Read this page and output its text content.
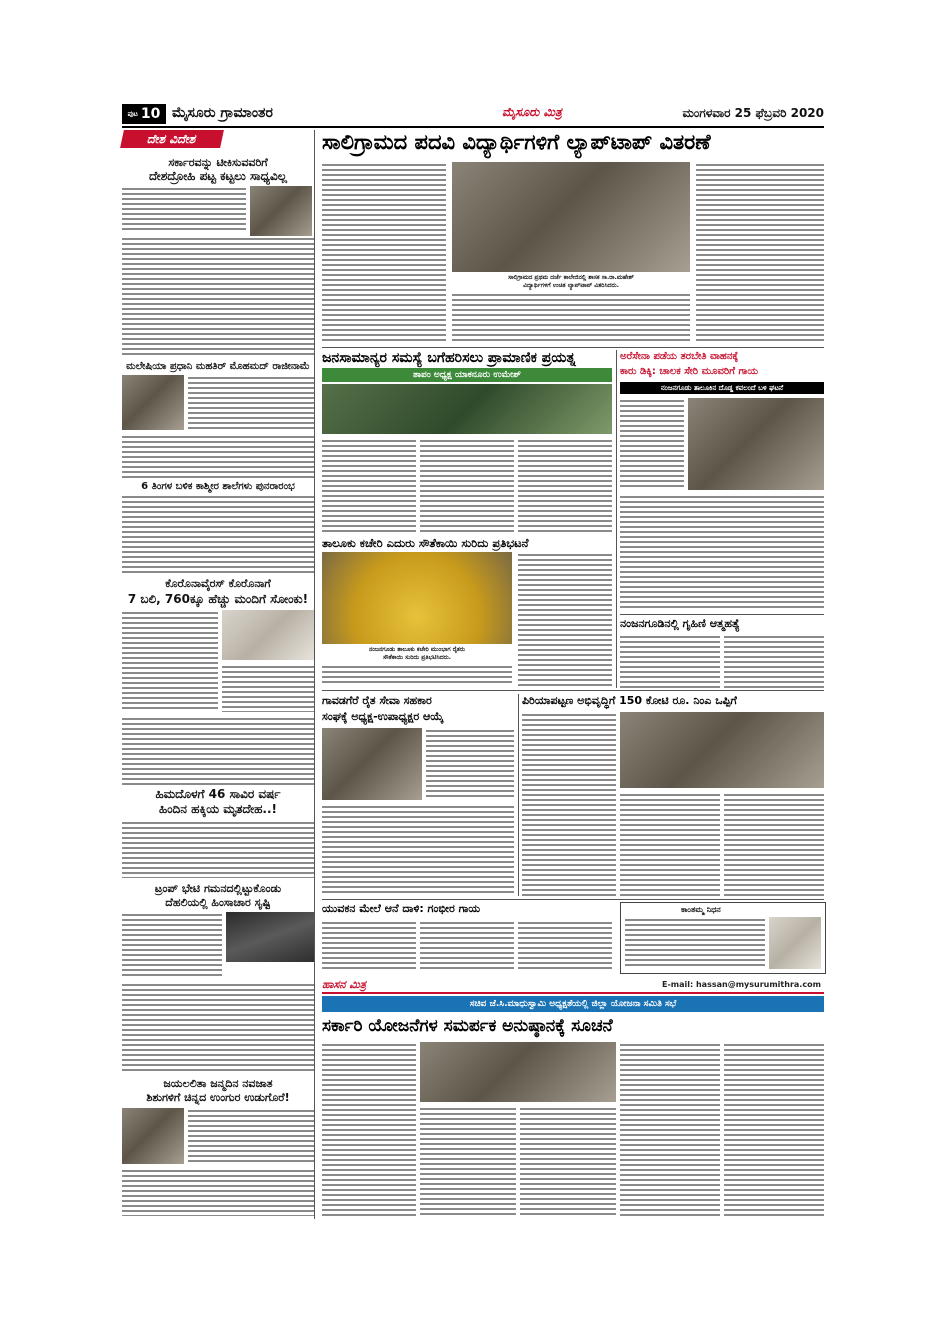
ಪುಟ 10 ಮೈಸೂರು ಗ್ರಾಮಾಂತರ	ಮೈಸೂರು ಮಿತ್ರ	ಮಂಗಳವಾರ 25 ಫೆಬ್ರವರಿ 2020
ದೇಶ ವಿದೇಶ
ಸರ್ಕಾರವನ್ನು ಟೀಕಿಸುವವರಿಗೆ
ದೇಶದ್ರೋಹಿ ಪಟ್ಟ ಕಟ್ಟಲು ಸಾಧ್ಯವಿಲ್ಲ
ಮಲೇಷಿಯಾ ಪ್ರಧಾನಿ ಮಹತಿರ್ ಮೊಹಮದ್ ರಾಜೀನಾಮೆ
6 ತಿಂಗಳ ಬಳಿಕ ಕಾಶ್ಮೀರ ಶಾಲೆಗಳು ಪುನರಾರಂಭ
ಕೊರೊನಾವೈರಸ್ ಕೊರೊನಾಗೆ
7 ಬಲಿ, 760ಕ್ಕೂ ಹೆಚ್ಚು ಮಂದಿಗೆ ಸೋಂಕು!
ಹಿಮದೊಳಗೆ 46 ಸಾವಿರ ವರ್ಷ
ಹಿಂದಿನ ಹಕ್ಕಿಯ ಮೃತದೇಹ..!
ಟ್ರಂಪ್ ಭೇಟಿ ಗಮನದಲ್ಲಿಟ್ಟುಕೊಂಡು
ದೆಹಲಿಯಲ್ಲಿ ಹಿಂಸಾಚಾರ ಸೃಷ್ಟಿ
ಜಯಲಲಿತಾ ಜನ್ಮದಿನ ನವಜಾತ
ಶಿಶುಗಳಿಗೆ ಚಿನ್ನದ ಉಂಗುರ ಉಡುಗೊರೆ!
ಸಾಲಿಗ್ರಾಮದ ಪದವಿ ವಿದ್ಯಾರ್ಥಿಗಳಿಗೆ ಲ್ಯಾಪ್‌ಟಾಪ್ ವಿತರಣೆ
ಸಾಲಿಗ್ರಾಮದ ಪ್ರಥಮ ದರ್ಜೆ ಕಾಲೇಜಿನಲ್ಲಿ ಶಾಸಕ ಸಾ.ರಾ.ಮಹೇಶ್
ವಿದ್ಯಾರ್ಥಿಗಳಿಗೆ ಉಚಿತ ಲ್ಯಾಪ್‌ಟಾಪ್ ವಿತರಿಸಿದರು.
ಜನಸಾಮಾನ್ಯರ ಸಮಸ್ಯೆ ಬಗೆಹರಿಸಲು ಪ್ರಾಮಾಣಿಕ ಪ್ರಯತ್ನ
ತಾಪಂ ಅಧ್ಯಕ್ಷ ಯಾಕನೂರು ಉಮೇಶ್
ತಾಲೂಕು ಕಚೇರಿ ಎದುರು ಸೌತೆಕಾಯಿ ಸುರಿದು ಪ್ರತಿಭಟನೆ
ನಂಜನಗೂಡು ತಾಲೂಕು ಕಚೇರಿ ಮುಂಭಾಗ ರೈತರು
ಸೌತೆಕಾಯಿ ಸುರಿದು ಪ್ರತಿಭಟಿಸಿದರು.
ಅರೆಸೇನಾ ಪಡೆಯ ತರಬೇತಿ ವಾಹನಕ್ಕೆ
ಕಾರು ಡಿಕ್ಕಿ: ಚಾಲಕ ಸೇರಿ ಮೂವರಿಗೆ ಗಾಯ
ನಂಜನಗೂಡು ತಾಲೂಕಿನ ದೊಡ್ಡ ಕವಲಂದೆ ಬಳಿ ಘಟನೆ
ನಂಜನಗೂಡಿನಲ್ಲಿ ಗೃಹಿಣಿ ಆತ್ಮಹತ್ಯೆ
ಗಾವಡಗೆರೆ ರೈತ ಸೇವಾ ಸಹಕಾರ
ಸಂಘಕ್ಕೆ ಅಧ್ಯಕ್ಷ-ಉಪಾಧ್ಯಕ್ಷರ ಆಯ್ಕೆ
ಪಿರಿಯಾಪಟ್ಟಣ ಅಭಿವೃದ್ಧಿಗೆ 150 ಕೋಟಿ ರೂ. ನಿಂಎ ಒಪ್ಪಿಗೆ
ಯುವಕನ ಮೇಲೆ ಆನೆ ದಾಳಿ: ಗಂಭೀರ ಗಾಯ	ಕಾಂತಮ್ಮ ನಿಧನ
ಹಾಸನ ಮಿತ್ರ	E-mail: hassan@mysurumithra.com
ಸಚಿವ ಜೆ.ಸಿ.ಮಾಧುಸ್ವಾಮಿ ಅಧ್ಯಕ್ಷತೆಯಲ್ಲಿ ಜಿಲ್ಲಾ ಯೋಜನಾ ಸಮಿತಿ ಸಭೆ
ಸರ್ಕಾರಿ ಯೋಜನೆಗಳ ಸಮರ್ಪಕ ಅನುಷ್ಠಾನಕ್ಕೆ ಸೂಚನೆ
